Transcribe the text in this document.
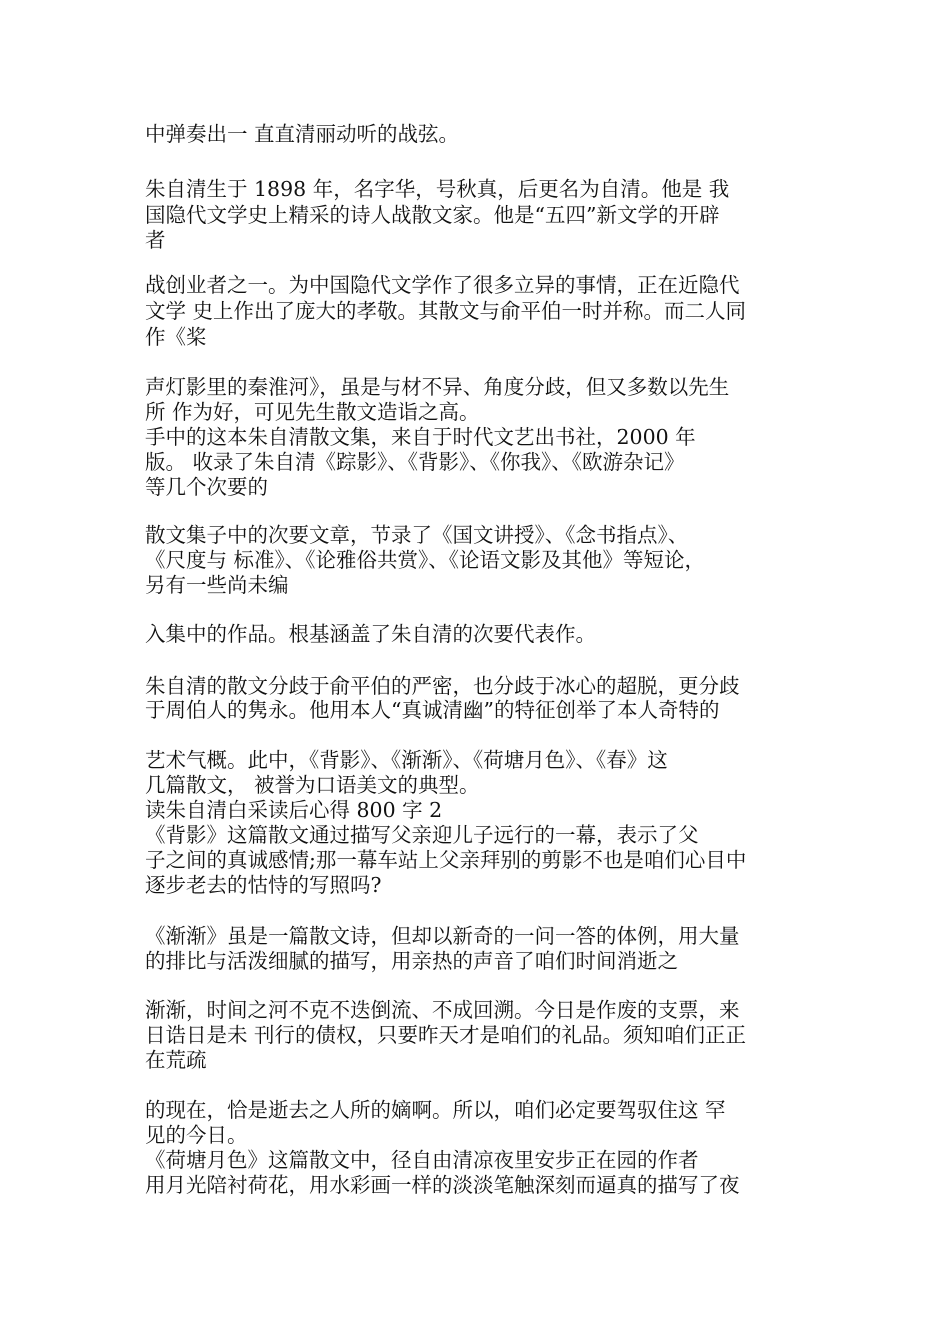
中弹奏出一 直直清丽动听的战弦。

朱自清生于 1898 年，名字华，号秋真，后更名为自清。他是 我

国隐代文学史上精采的诗人战散文家。他是“五四”新文学的开辟

者

战创业者之一。为中国隐代文学作了很多立异的事情，正在近隐代

文学 史上作出了庞大的孝敬。其散文与俞平伯一时并称。而二人同

作《桨

声灯影里的秦淮河》，虽是与材不异、角度分歧，但又多数以先生

所 作为好，可见先生散文造诣之高。

手中的这本朱自清散文集，来自于时代文艺出书社，2000 年

版。 收录了朱自清《踪影》、《背影》、《你我》、《欧游杂记》

等几个次要的

散文集子中的次要文章，节录了《国文讲授》、《念书指点》、

《尺度与 标准》、《论雅俗共赏》、《论语文影及其他》等短论，

另有一些尚未编

入集中的作品。根基涵盖了朱自清的次要代表作。

朱自清的散文分歧于俞平伯的严密，也分歧于冰心的超脱，更分歧

于周伯人的隽永。他用本人“真诚清幽”的特征创举了本人奇特的

艺术气概。此中，《背影》、《渐渐》、《荷塘月色》、《春》这

几篇散文， 被誉为口语美文的典型。

读朱自清白采读后心得 800 字 2

《背影》这篇散文通过描写父亲迎儿子远行的一幕，表示了父

子之间的真诚感情;那一幕车站上父亲拜别的剪影不也是咱们心目中

逐步老去的怙恃的写照吗?

《渐渐》虽是一篇散文诗，但却以新奇的一问一答的体例，用大量

的排比与活泼细腻的描写，用亲热的声音了咱们时间消逝之

渐渐，时间之河不克不迭倒流、不成回溯。今日是作废的支票，来

日诰日是未 刊行的债权，只要昨天才是咱们的礼品。须知咱们正正

在荒疏

的现在，恰是逝去之人所的嫡啊。所以，咱们必定要驾驭住这 罕

见的今日。

《荷塘月色》这篇散文中，径自由清凉夜里安步正在园的作者

用月光陪衬荷花，用水彩画一样的淡淡笔触深刻而逼真的描写了夜
